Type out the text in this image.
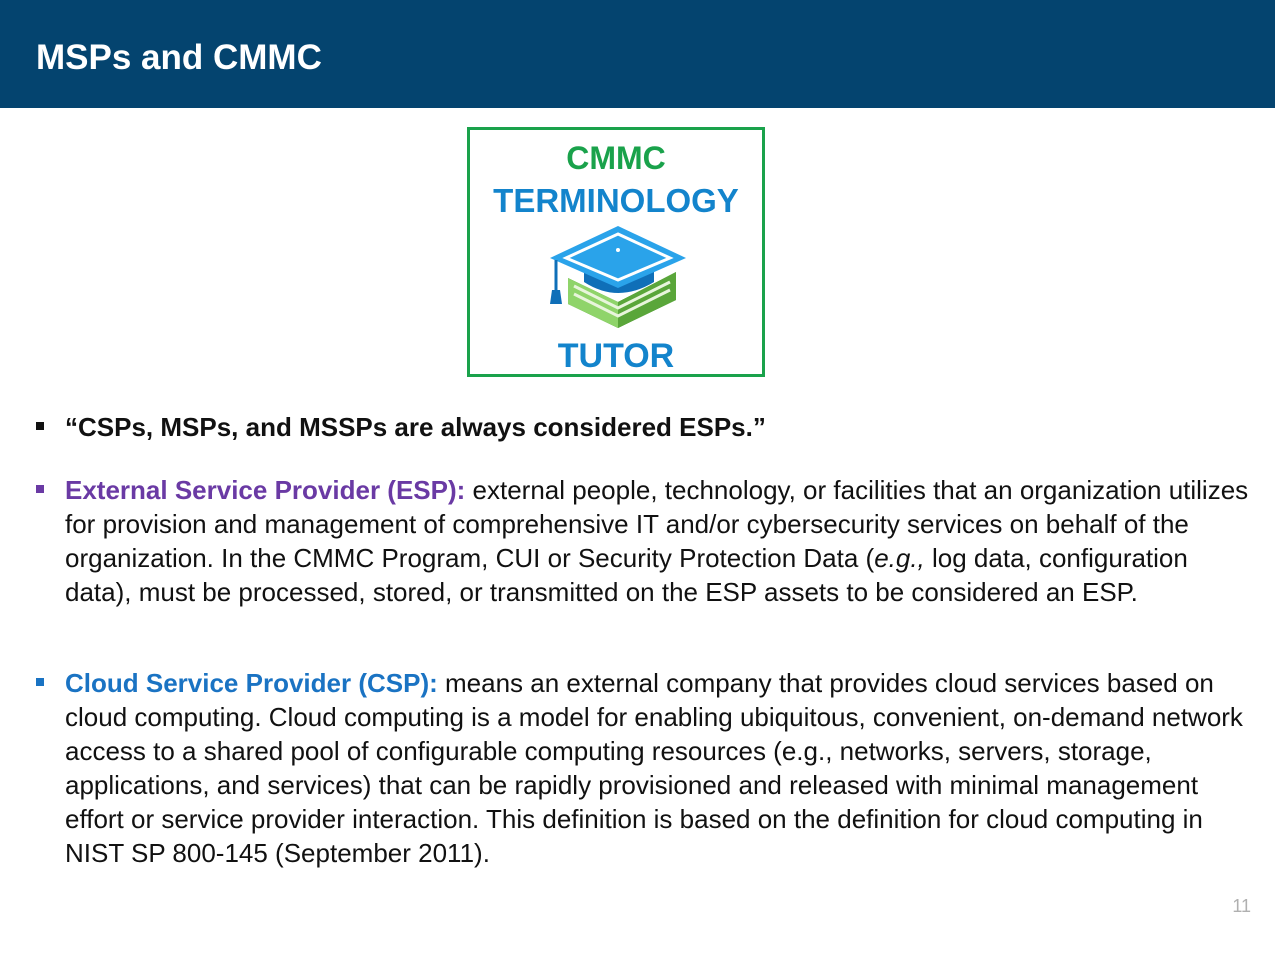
MSPs and CMMC
CMMC
TERMINOLOGY
TUTOR

“CSPs, MSPs, and MSSPs are always considered ESPs.”

External Service Provider (ESP): external people, technology, or facilities that an organization utilizes for provision and management of comprehensive IT and/or cybersecurity services on behalf of the organization. In the CMMC Program, CUI or Security Protection Data (e.g., log data, configuration data), must be processed, stored, or transmitted on the ESP assets to be considered an ESP.

Cloud Service Provider (CSP): means an external company that provides cloud services based on cloud computing. Cloud computing is a model for enabling ubiquitous, convenient, on-demand network access to a shared pool of configurable computing resources (e.g., networks, servers, storage, applications, and services) that can be rapidly provisioned and released with minimal management effort or service provider interaction. This definition is based on the definition for cloud computing in NIST SP 800-145 (September 2011).

11
